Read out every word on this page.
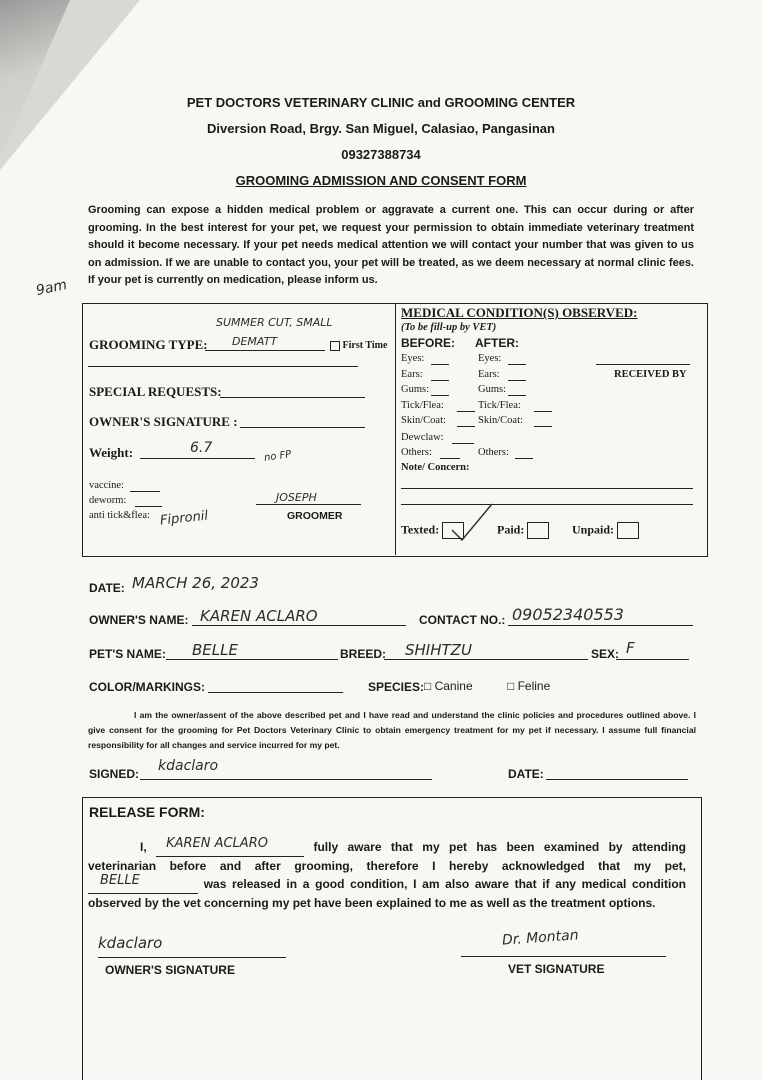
PET DOCTORS VETERINARY CLINIC and GROOMING CENTER
Diversion Road, Brgy. San Miguel, Calasiao, Pangasinan
09327388734
GROOMING ADMISSION AND CONSENT FORM
Grooming can expose a hidden medical problem or aggravate a current one. This can occur during or after grooming. In the best interest for your pet, we request your permission to obtain immediate veterinary treatment should it become necessary. If your pet needs medical attention we will contact your number that was given to us on admission. If we are unable to contact you, your pet will be treated, as we deem necessary at normal clinic fees. If your pet is currently on medication, please inform us.
9am
SUMMER CUT, SMALL
GROOMING TYPE: DEMATT	First Time
SPECIAL REQUESTS:
OWNER'S SIGNATURE :
Weight:	6.7
no FP
vaccine:
deworm:
anti tick&flea: Fipronil
JOSEPH
GROOMER
MEDICAL CONDITION(S) OBSERVED:
(To be fill-up by VET)
BEFORE: AFTER:
Eyes:	Eyes:
Ears:	Ears:
Gums:	Gums:
Tick/Flea:	Tick/Flea:
Skin/Coat:	Skin/Coat:
Dewclaw:
Others:	Others:
RECEIVED BY
Note/ Concern:
Texted:	Paid:	Unpaid:
DATE: MARCH 26, 2023
OWNER'S NAME: KAREN ACLARO	CONTACT NO.: 09052340553
PET'S NAME: BELLE	BREED: SHIHTZU	SEX: F
COLOR/MARKINGS:	SPECIES: □ Canine	□ Feline
I am the owner/assent of the above described pet and I have read and understand the clinic policies and procedures outlined above. I give consent for the grooming for Pet Doctors Veterinary Clinic to obtain emergency treatment for my pet if necessary. I assume full financial responsibility for all changes and service incurred for my pet.
SIGNED: kdaclaro	DATE:
RELEASE FORM:
I, KAREN ACLARO	fully aware that my pet has been examined by attending veterinarian before and after grooming, therefore I hereby acknowledged that my pet,
BELLE	was released in a good condition, I am also aware that if any medical condition observed by the vet concerning my pet have been explained to me as well as the treatment options.
kdaclaro
OWNER'S SIGNATURE
Dr. Montan
VET SIGNATURE
